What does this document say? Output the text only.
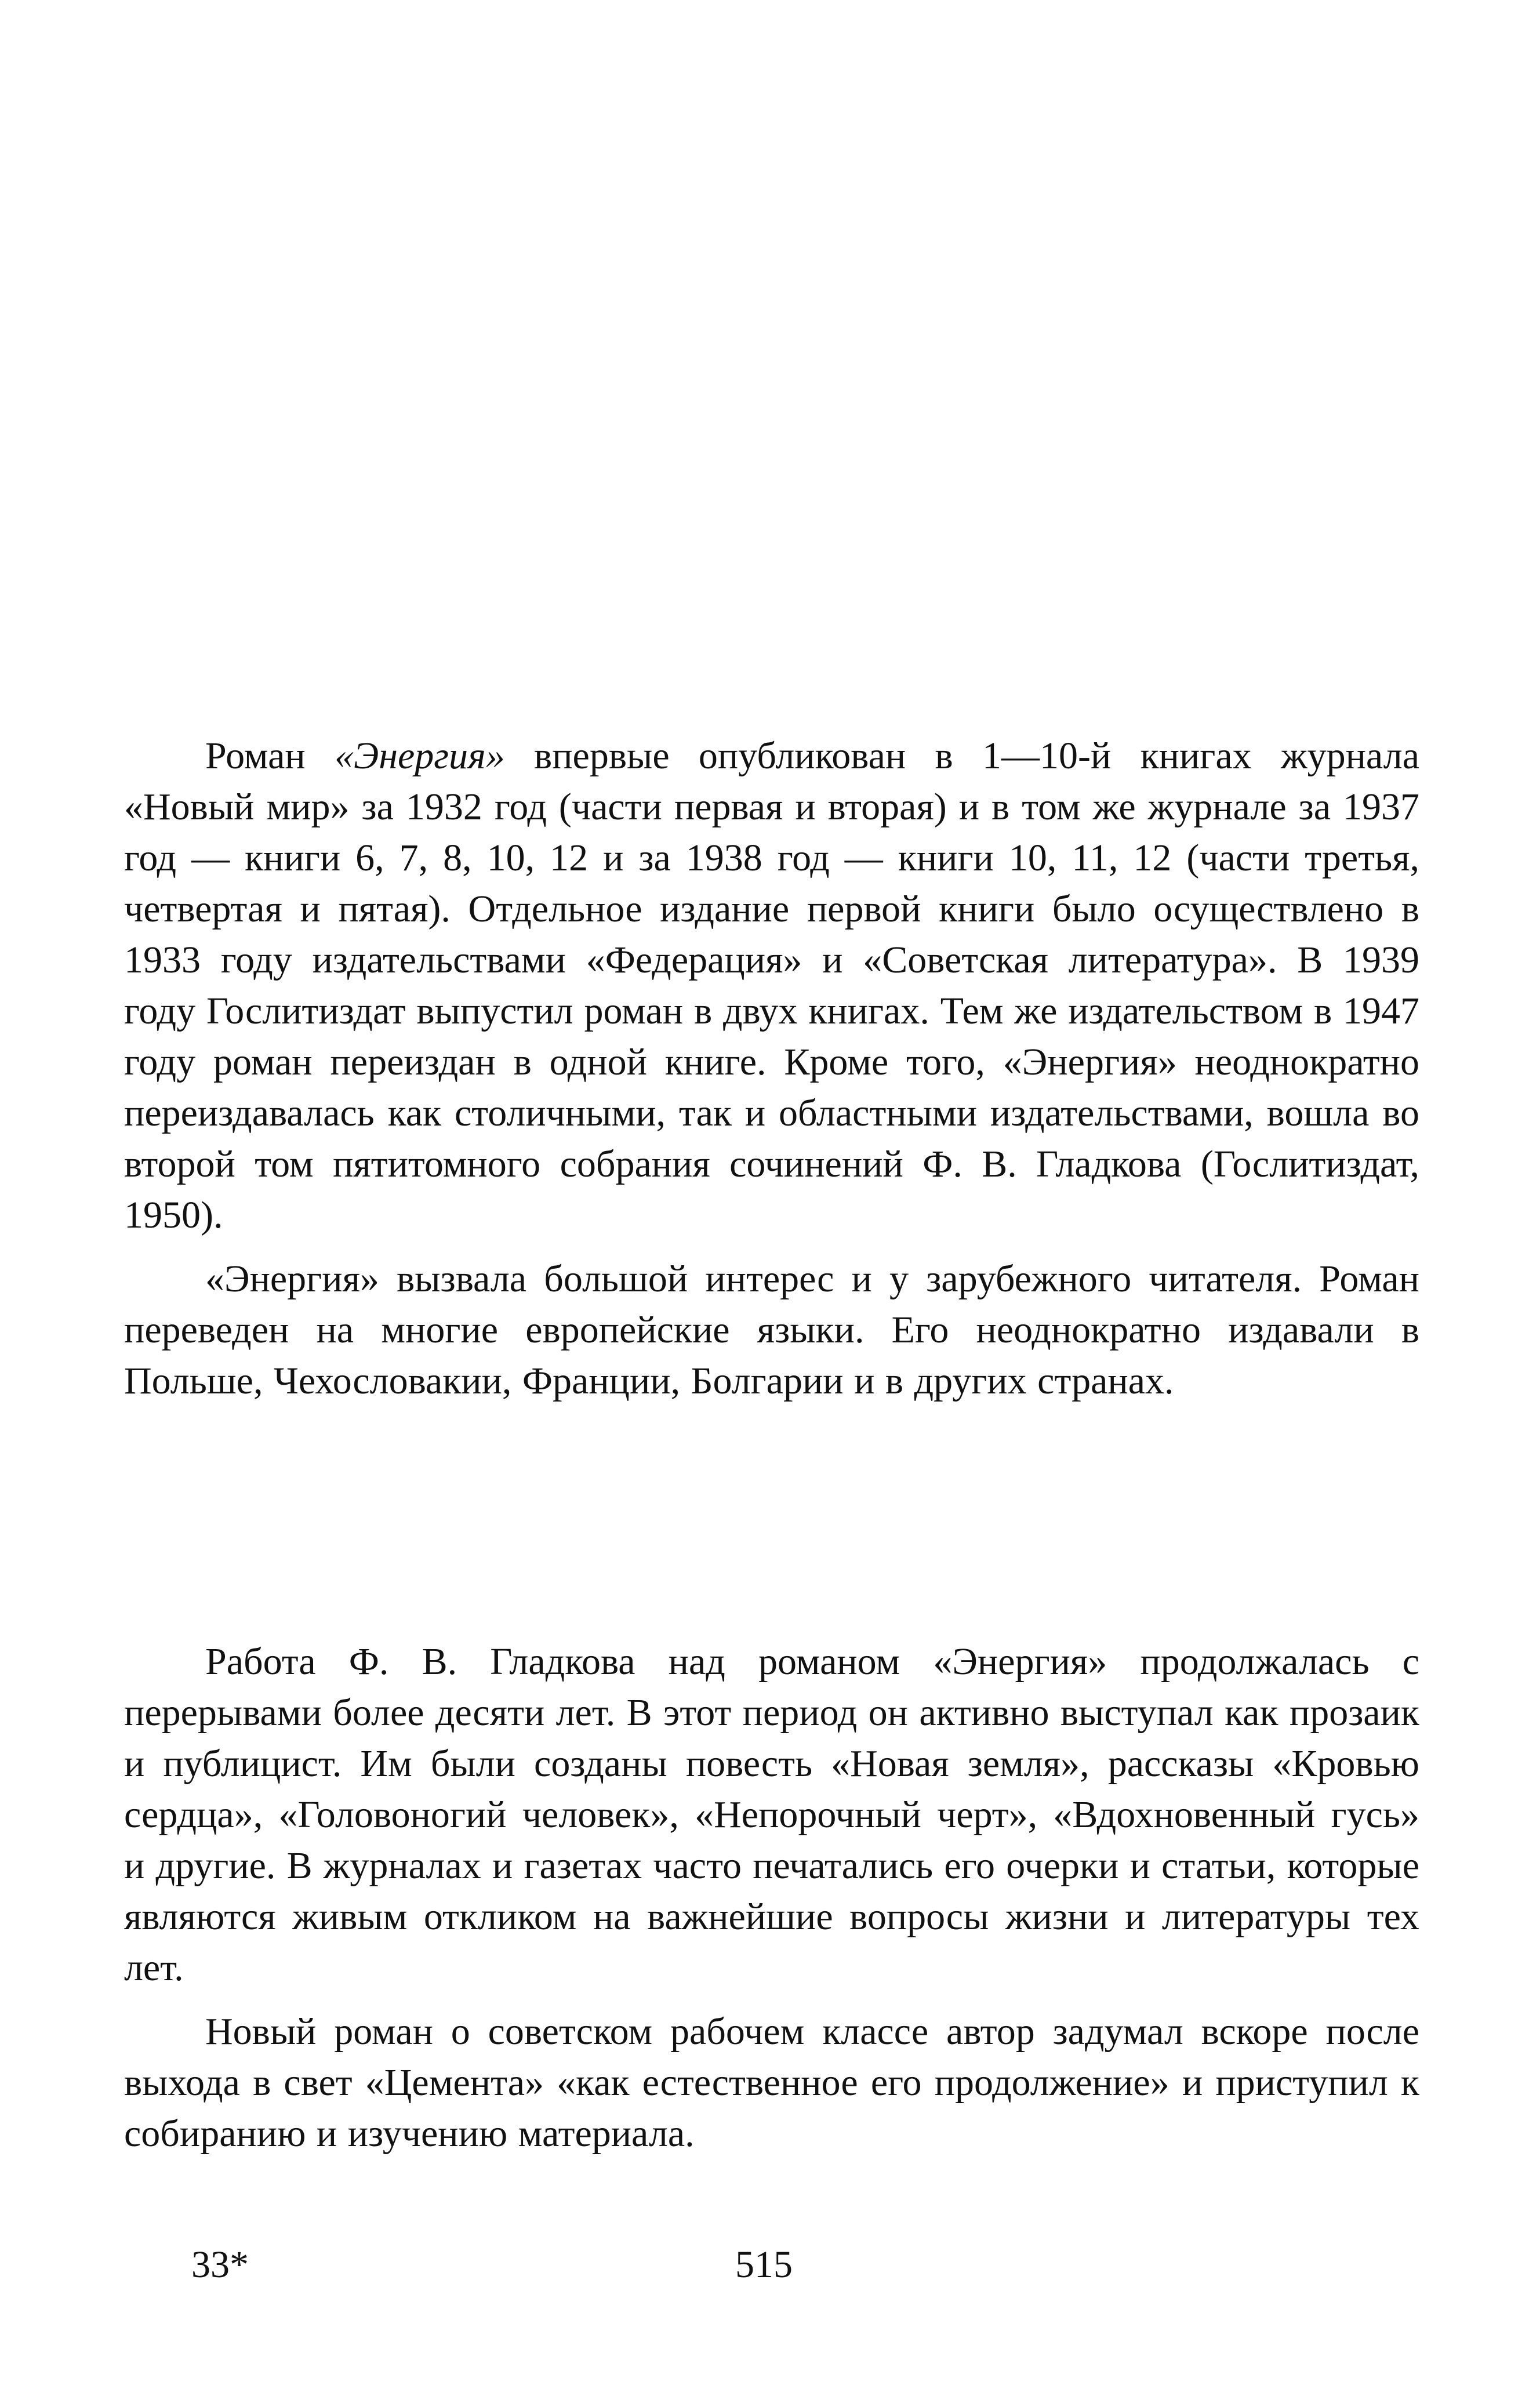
Роман «Энергия» впервые опубликован в 1—10-й книгах журнала «Новый мир» за 1932 год (части первая и вторая) и в том же журнале за 1937 год — книги 6, 7, 8, 10, 12 и за 1938 год — книги 10, 11, 12 (части третья, четвертая и пятая). Отдельное издание первой книги было осуществлено в 1933 году издательствами «Федерация» и «Советская литература». В 1939 году Гослитиздат выпустил роман в двух книгах. Тем же издательством в 1947 году роман переиздан в одной книге. Кроме того, «Энергия» неоднократно переиздавалась как столичными, так и областными издательствами, вошла во второй том пятитомного собрания сочинений Ф. В. Гладкова (Гослитиздат, 1950).

«Энергия» вызвала большой интерес и у зарубежного читателя. Роман переведен на многие европейские языки. Его неоднократно издавали в Польше, Чехословакии, Франции, Болгарии и в других странах.

Работа Ф. В. Гладкова над романом «Энергия» продолжалась с перерывами более десяти лет. В этот период он активно выступал как прозаик и публицист. Им были созданы повесть «Новая земля», рассказы «Кровью сердца», «Головоногий человек», «Непорочный черт», «Вдохновенный гусь» и другие. В журналах и газетах часто печатались его очерки и статьи, которые являются живым откликом на важнейшие вопросы жизни и литературы тех лет.

Новый роман о советском рабочем классе автор задумал вскоре после выхода в свет «Цемента» «как естественное его продолжение» и приступил к собиранию и изучению материала.

33*	515
